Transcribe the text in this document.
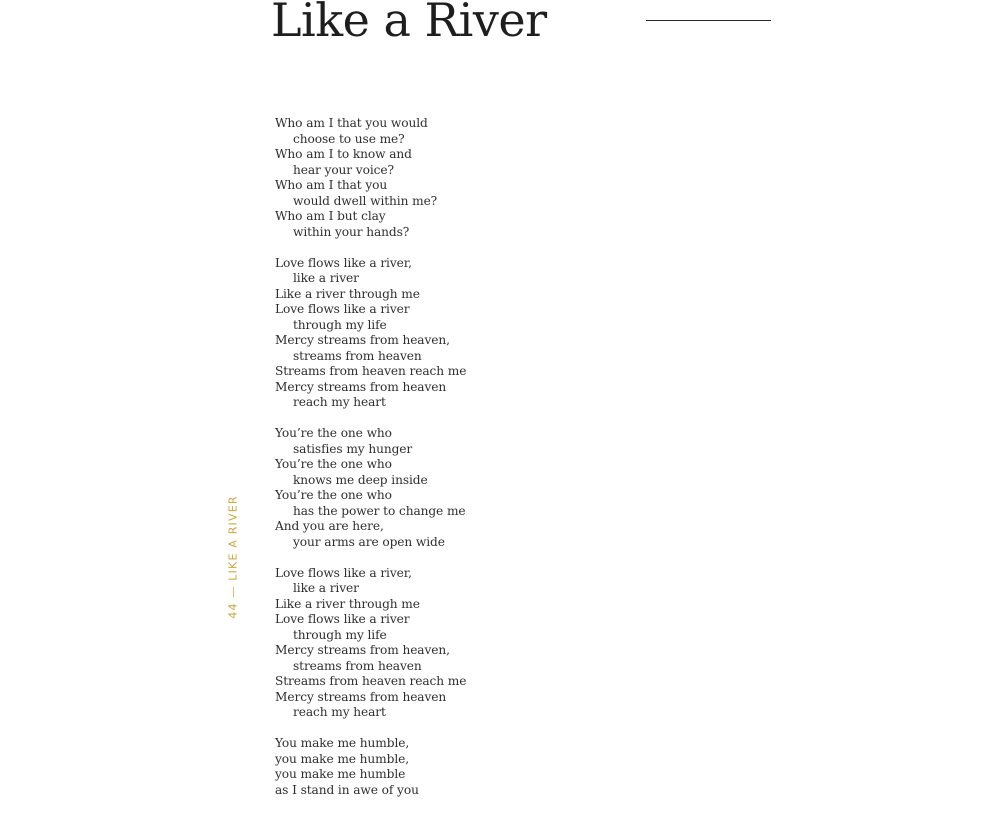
Like a River
44 — LIKE A RIVER
Who am I that you would
choose to use me?
Who am I to know and
hear your voice?
Who am I that you
would dwell within me?
Who am I but clay
within your hands?
Love flows like a river,
like a river
Like a river through me
Love flows like a river
through my life
Mercy streams from heaven,
streams from heaven
Streams from heaven reach me
Mercy streams from heaven
reach my heart
You’re the one who
satisfies my hunger
You’re the one who
knows me deep inside
You’re the one who
has the power to change me
And you are here,
your arms are open wide
Love flows like a river,
like a river
Like a river through me
Love flows like a river
through my life
Mercy streams from heaven,
streams from heaven
Streams from heaven reach me
Mercy streams from heaven
reach my heart
You make me humble,
you make me humble,
you make me humble
as I stand in awe of you
